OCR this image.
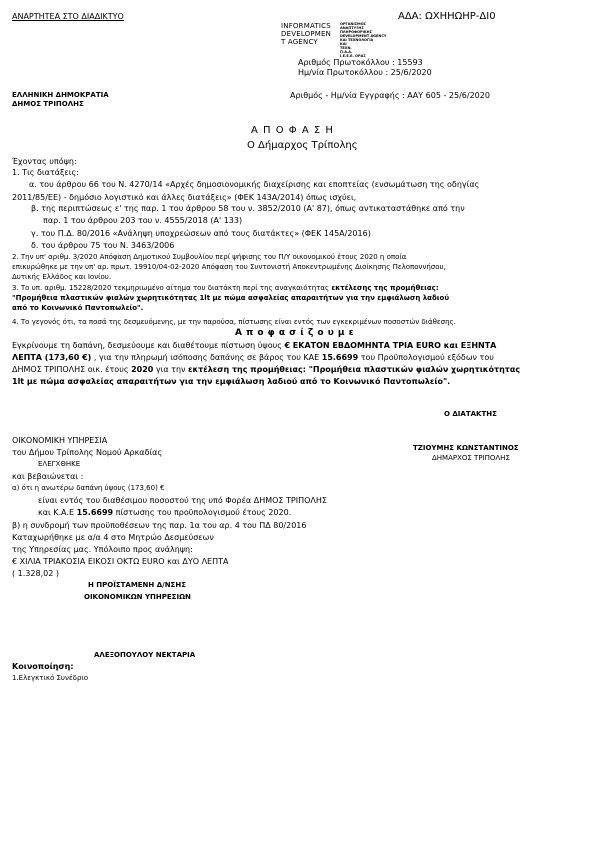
ΑΝΑΡΤΗΤΕΑ ΣΤΟ ΔΙΑΔΙΚΤΥΟ	ΑΔΑ: ΩΧΗΗΩΗΡ-ΔΙ0
INFORMATICS
DEVELOPMEN
T AGENCY
ΟΡΓΑΝΙΣΜΟΣ
ΑΝΑΠΤΥΞΗΣ
ΠΛΗΡΟΦΟΡΙΚΗΣ
DEVELOPMENT AGENCY
ΚΑΙ ΤΕΧΝΟΛΟΓΙΑ
ΚΑΙ
ΤΕΧΝ.
Π.Α.Α.
Ι.Ε.Ε.Ε. ΟΡΑΣ
Αριθμός Πρωτοκόλλου : 15593
Ημ/νία Πρωτοκόλλου : 25/6/2020
ΕΛΛΗΝΙΚΗ ΔΗΜΟΚΡΑΤΙΑ
ΔΗΜΟΣ ΤΡΙΠΟΛΗΣ
Αριθμός - Ημ/νία Εγγραφής : ΑΑΥ 605 - 25/6/2020
Α Π Ο Φ Α Σ Η
Ο Δήμαρχος Τρίπολης
Έχοντας υπόψη:
1. Τις διατάξεις:
α. του άρθρου 66 του Ν. 4270/14 «Αρχές δημοσιονομικής διαχείρισης και εποπτείας (ενσωμάτωση της οδηγίας
2011/85/ΕΕ) - δημόσιο λογιστικό και άλλες διατάξεις» (ΦΕΚ 143Α/2014) όπως ισχύει,
β. της περιπτώσεως ε' της παρ. 1 του άρθρου 58 του ν. 3852/2010 (Α' 87), όπως αντικαταστάθηκε από την
παρ. 1 του άρθρου 203 του ν. 4555/2018 (Α' 133)
γ. του Π.Δ. 80/2016 «Ανάληψη υποχρεώσεων από τους διατάκτες» (ΦΕΚ 145Α/2016)
δ. του άρθρου 75 του Ν. 3463/2006
2. Την υπ' αριθμ. 3/2020 Απόφαση Δημοτικού Συμβουλίου περί ψήφισης του Π/Υ οικονομικού έτους 2020 η οποία
επικυρώθηκε με την υπ' αρ. πρωτ. 19910/04-02-2020 Απόφαση του Συντονιστή Αποκεντρωμένης Διοίκησης Πελοποννήσου,
Δυτικής Ελλάδος και Ιονίου.
3. Το υπ. αριθμ. 15228/2020 τεκμηριωμένο αίτημα του διατάκτη περί της αναγκαιότητας εκτέλεσης της προμήθειας:
"Προμήθεια πλαστικών φιαλών χωρητικότητας 1lt με πώμα ασφαλείας απαραιτήτων για την εμφιάλωση λαδιού
από το Κοινωνικό Παντοπωλείο".
4. Το γεγονός ότι, τα ποσά της δεσμευόμενης, με την παρούσα, πίστωσης είναι εντός των εγκεκριμένων ποσοστών διάθεσης.
Α π ο φ α σ ί ζ ο υ μ ε
Εγκρίνουμε τη δαπάνη, δεσμεύουμε και διαθέτουμε πίστωση ύψους € ΕΚΑΤΟΝ ΕΒΔΟΜΗΝΤΑ ΤΡΙΑ EURO και ΕΞΗΝΤΑ
ΛΕΠΤΑ (173,60 €) , για την πληρωμή ισόποσης δαπάνης σε βάρος του ΚΑΕ 15.6699 του Προϋπολογισμού εξόδων του
ΔΗΜΟΣ ΤΡΙΠΟΛΗΣ οικ. έτους 2020 για την εκτέλεση της προμήθειας: "Προμήθεια πλαστικών φιαλών χωρητικότητας
1lt με πώμα ασφαλείας απαραιτήτων για την εμφιάλωση λαδιού από το Κοινωνικό Παντοπωλείο".
Ο ΔΙΑΤΑΚΤΗΣ
ΤΖΙΟΥΜΗΣ ΚΩΝΣΤΑΝΤΙΝΟΣ
ΔΗΜΑΡΧΟΣ ΤΡΙΠΟΛΗΣ
ΟΙΚΟΝΟΜΙΚΗ ΥΠΗΡΕΣΙΑ
του Δήμου Τρίπολης Νομού Αρκαδίας
ΕΛΕΓΧΘΗΚΕ
και βεβαιώνεται :
α) ότι η ανωτέρω δαπάνη ύψους (173,60) €
είναι εντός του διαθέσιμου ποσοστού της υπό Φορέα ΔΗΜΟΣ ΤΡΙΠΟΛΗΣ
και Κ.Α.Ε 15.6699 πίστωσης του προϋπολογισμού έτους 2020.
β) η συνδρομή των προϋποθέσεων της παρ. 1α του αρ. 4 του ΠΔ 80/2016
Καταχωρήθηκε με α/α 4 στο Μητρώο Δεσμεύσεων
της Υπηρεσίας μας. Υπόλοιπο προς ανάληψη:
€ ΧΙΛΙΑ ΤΡΙΑΚΟΣΙΑ ΕΙΚΟΣΙ ΟΚΤΩ EURO και ΔΥΟ ΛΕΠΤΑ
( 1.328,02 )
Η ΠΡΟΪΣΤΑΜΕΝΗ Δ/ΝΣΗΣ
ΟΙΚΟΝΟΜΙΚΩΝ ΥΠΗΡΕΣΙΩΝ
ΑΛΕΞΟΠΟΥΛΟΥ ΝΕΚΤΑΡΙΑ
Κοινοποίηση:
1.Ελεγκτικό Συνέδριο
